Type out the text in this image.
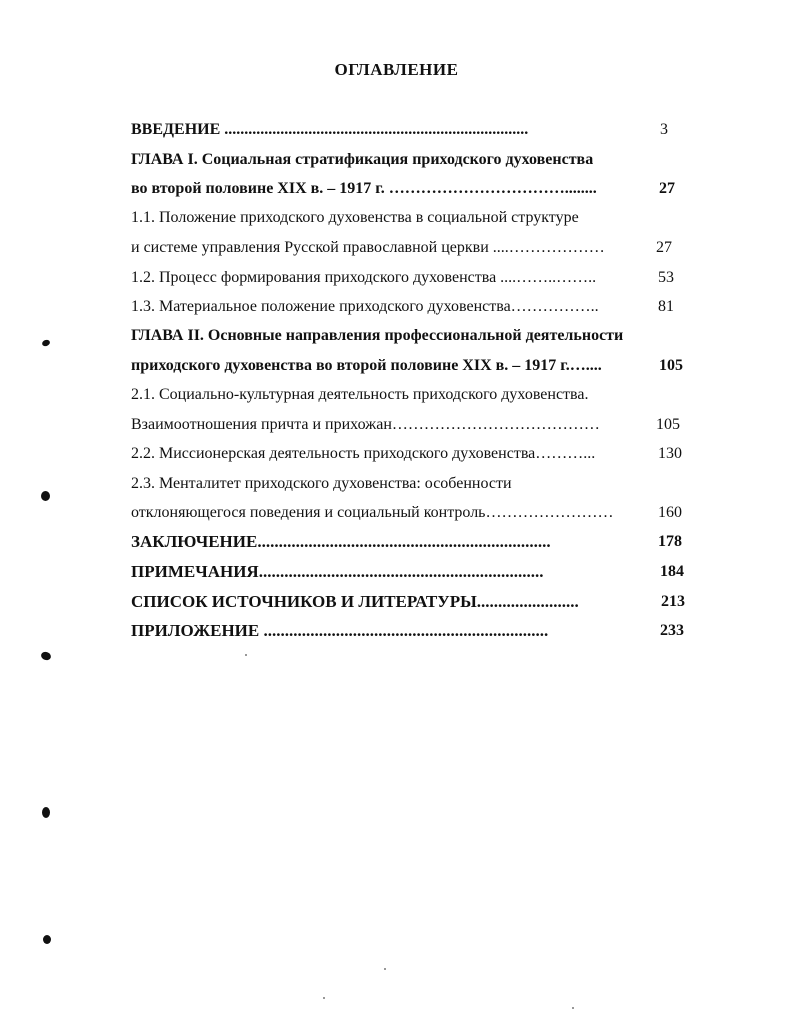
ОГЛАВЛЕНИЕ
ВВЕДЕНИЕ ............................................................................	3
ГЛАВА I. Социальная стратификация приходского духовенства
во второй половине XIX в. – 1917 г. ……………………………........	27
1.1. Положение приходского духовенства в социальной структуре
и системе управления Русской православной церкви ....………………	27
1.2. Процесс формирования приходского духовенства ....……..……..	53
1.3. Материальное положение приходского духовенства……………..	81
ГЛАВА II. Основные направления профессиональной деятельности
приходского духовенства во второй половине XIX в. – 1917 г.…....	105
2.1. Социально-культурная деятельность приходского духовенства.
Взаимоотношения причта и прихожан…………………………………	105
2.2. Миссионерская деятельность приходского духовенства………...	130
2.3. Менталитет приходского духовенства: особенности
отклоняющегося поведения и социальный контроль……………………	160
ЗАКЛЮЧЕНИЕ.....................................................................	178
ПРИМЕЧАНИЯ...................................................................	184
СПИСОК ИСТОЧНИКОВ И ЛИТЕРАТУРЫ........................	213
ПРИЛОЖЕНИЕ ...................................................................	233
